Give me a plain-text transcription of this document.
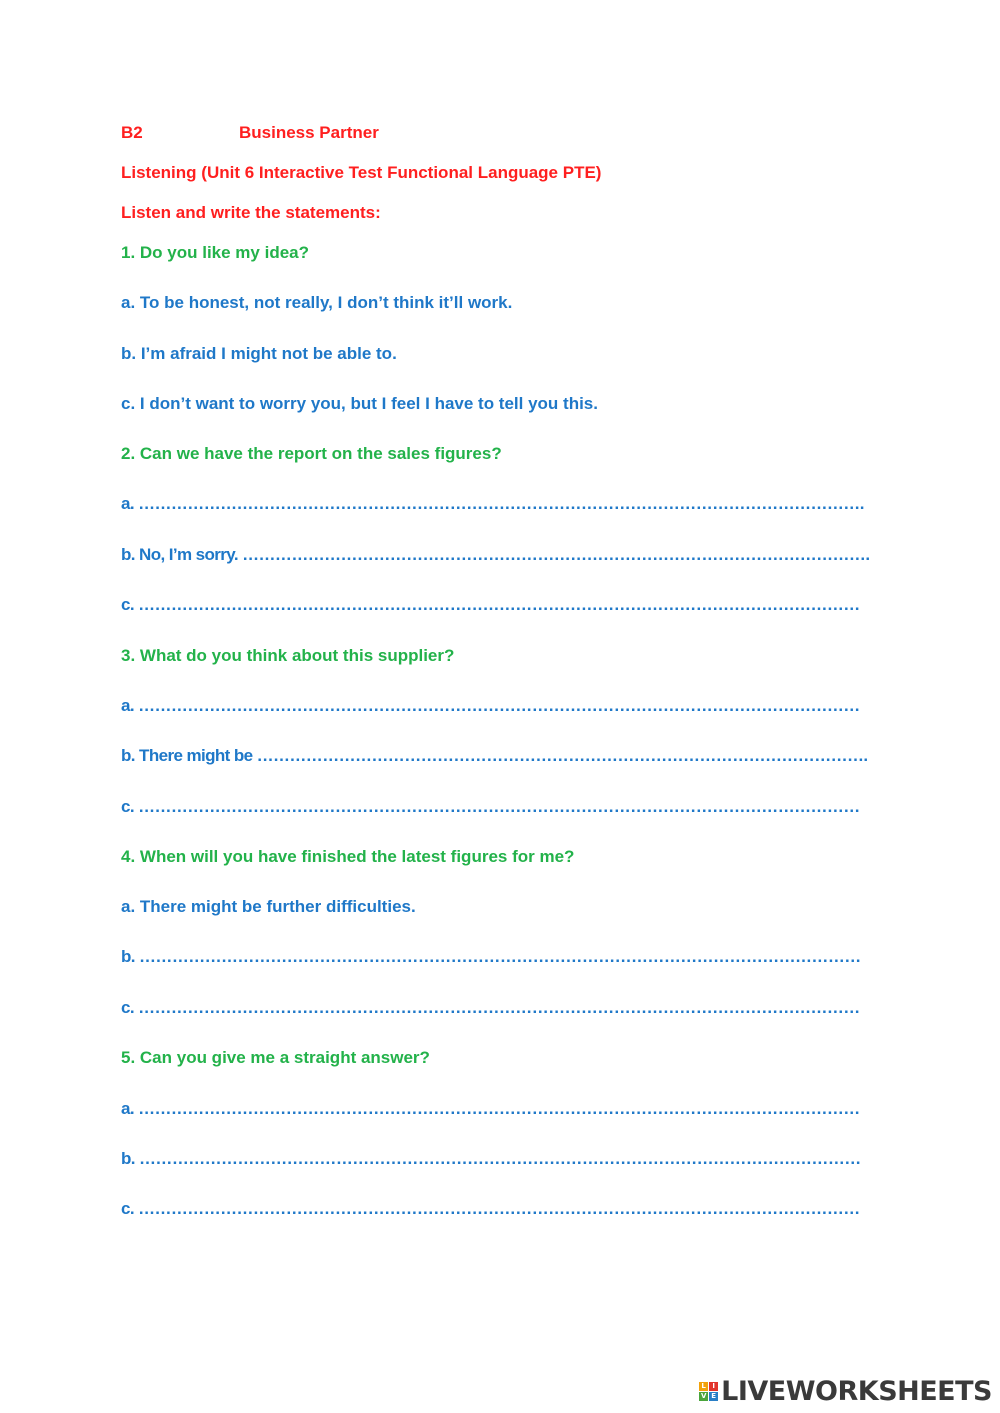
B2	Business Partner
Listening (Unit 6 Interactive Test Functional Language PTE)
Listen and write the statements:
1. Do you like my idea?
a. To be honest, not really, I don’t think it’ll work.
b. I’m afraid I might not be able to.
c. I don’t want to worry you, but I feel I have to tell you this.
2. Can we have the report on the sales figures?
a. …………………………………………………………………………………………………………………….
b. No, I’m sorry. …………………………………………………………………………………………………….
c. ……………………………………………………………………………………………………………………
3. What do you think about this supplier?
a. ……………………………………………………………………………………………………………………
b. There might be ………………………………………………………………………………………………….
c. ……………………………………………………………………………………………………………………
4. When will you have finished the latest figures for me?
a. There might be further difficulties.
b. ……………………………………………………………………………………………………………………
c. ……………………………………………………………………………………………………………………
5. Can you give me a straight answer?
a. ……………………………………………………………………………………………………………………
b. ……………………………………………………………………………………………………………………
c. ……………………………………………………………………………………………………………………
L I
V E LIVEWORKSHEETS
